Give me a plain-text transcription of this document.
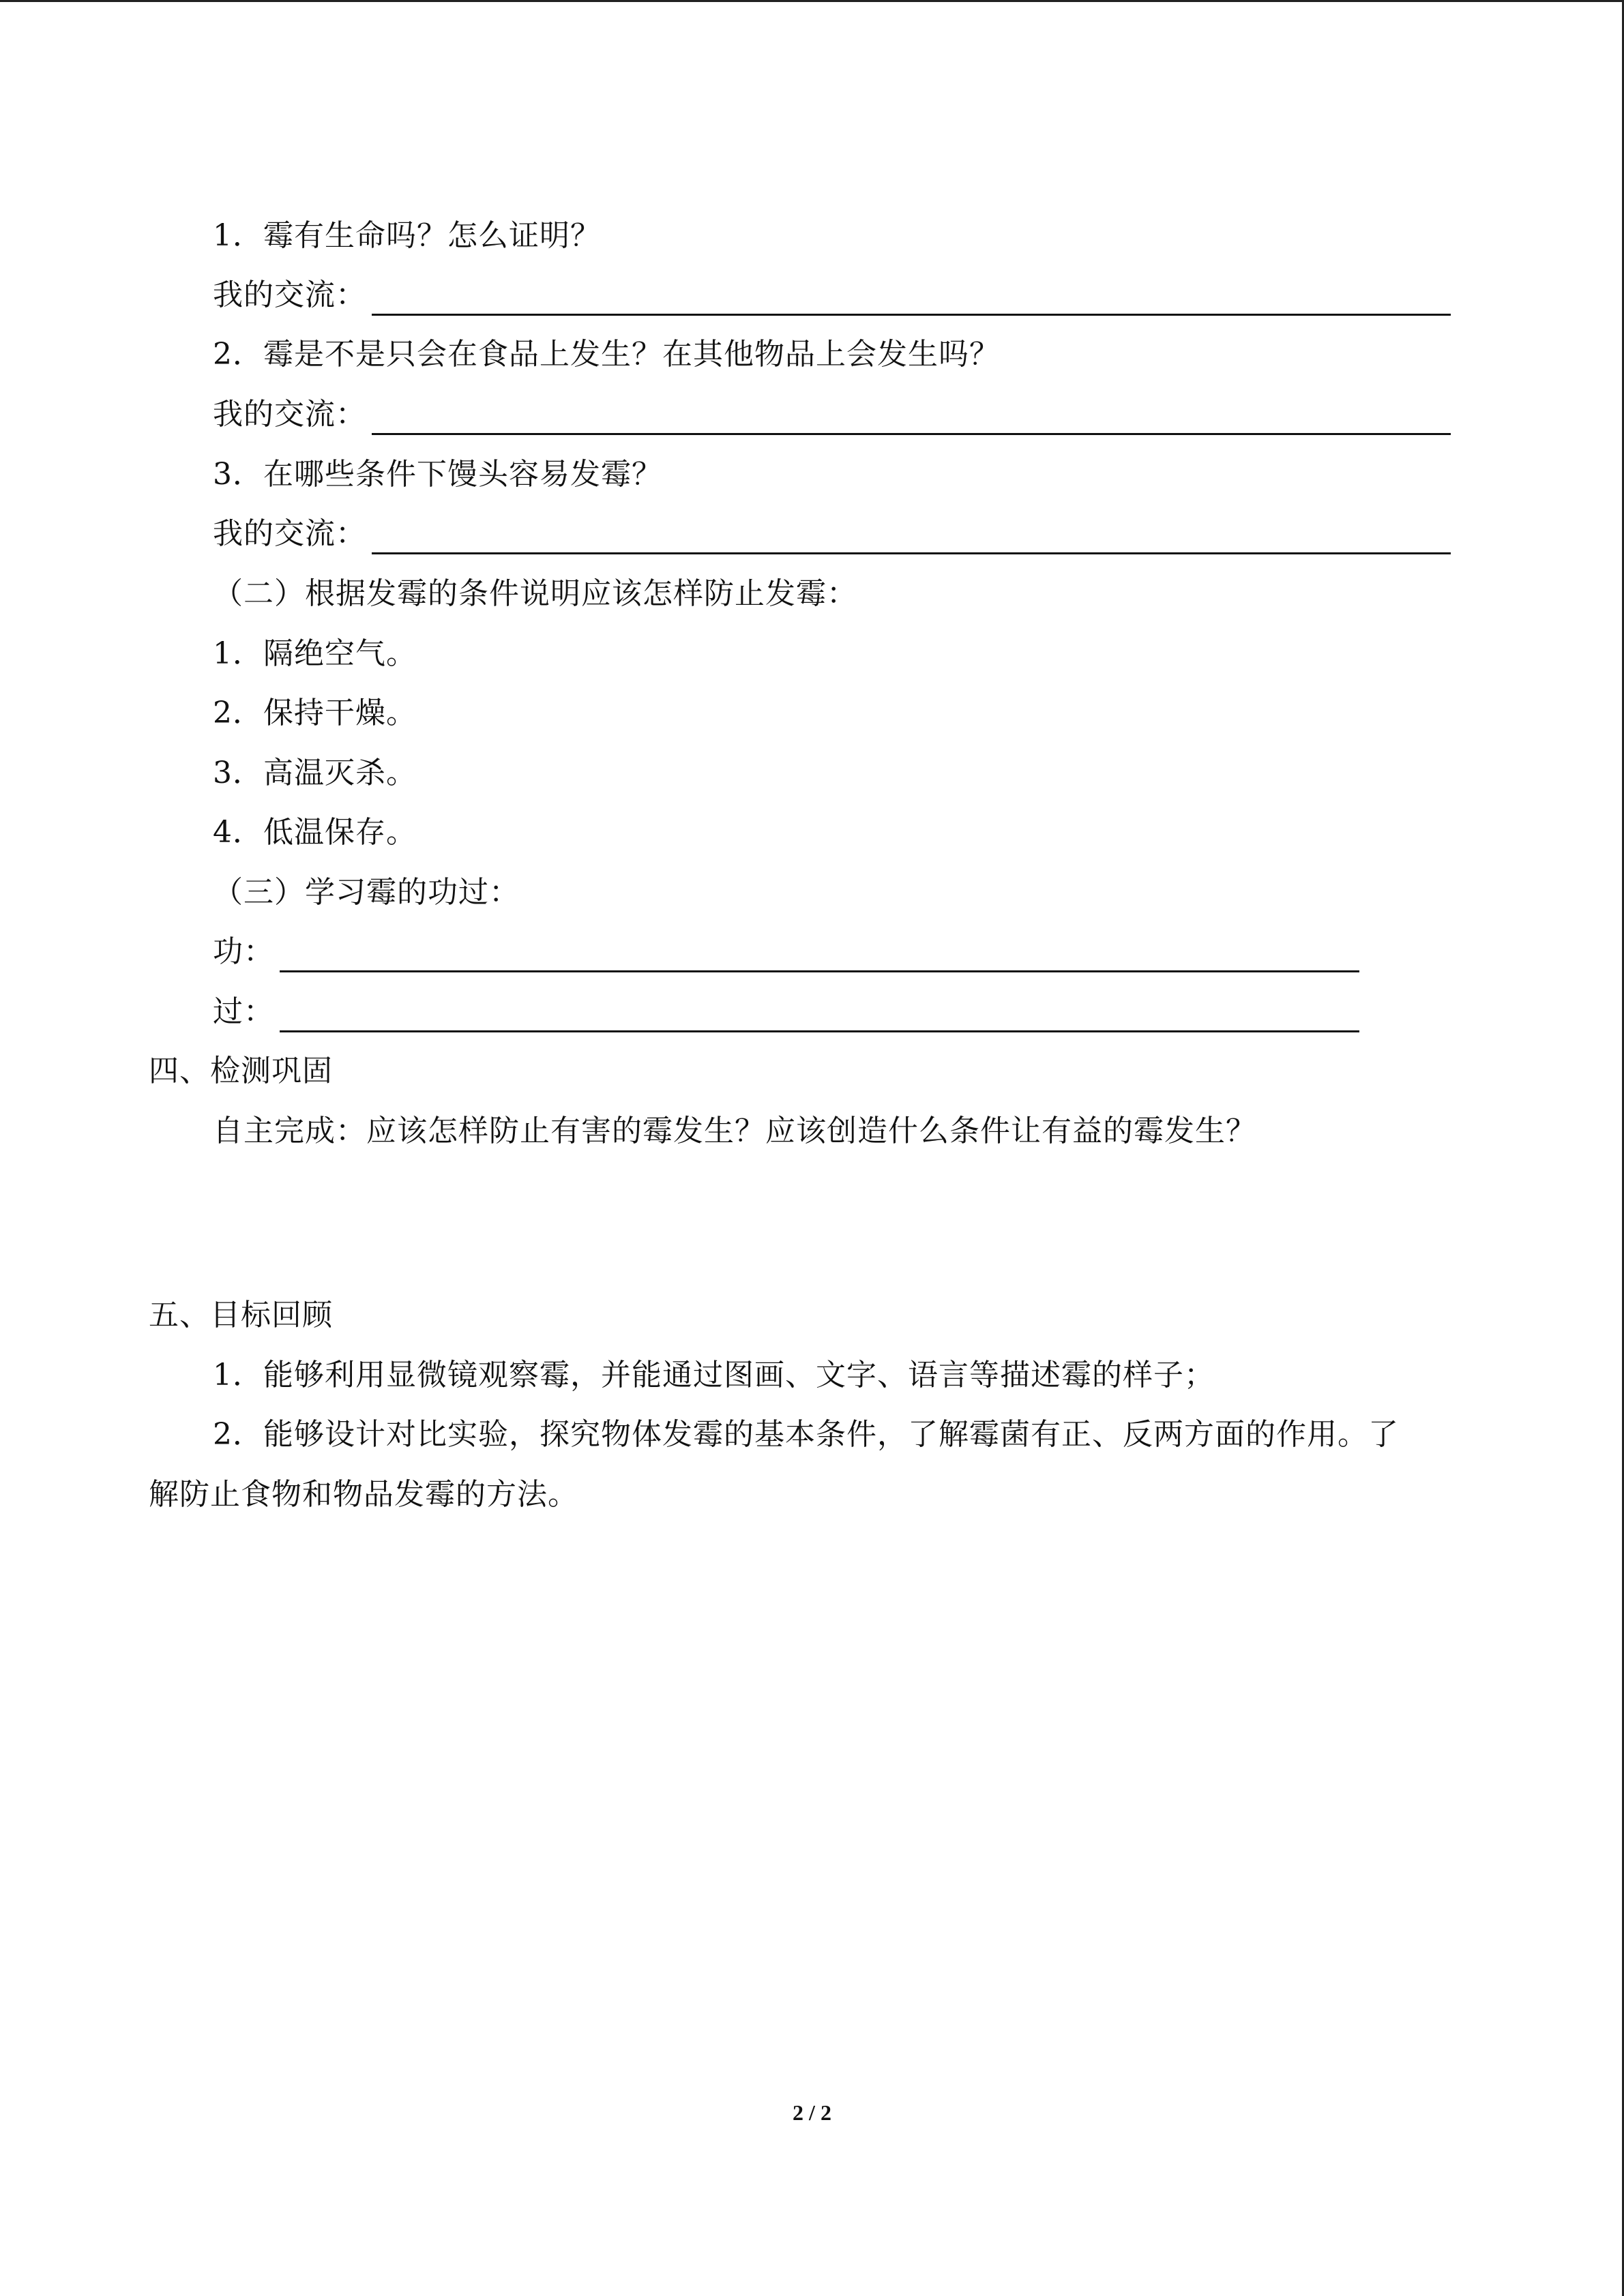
1．霉有生命吗？怎么证明？
我的交流：
2．霉是不是只会在食品上发生？在其他物品上会发生吗？
我的交流：
3．在哪些条件下馒头容易发霉？
我的交流：
（二）根据发霉的条件说明应该怎样防止发霉：
1．隔绝空气。
2．保持干燥。
3．高温灭杀。
4．低温保存。
（三）学习霉的功过：
功：
过：
四、检测巩固
自主完成：应该怎样防止有害的霉发生？应该创造什么条件让有益的霉发生？
五、目标回顾
1．能够利用显微镜观察霉，并能通过图画、文字、语言等描述霉的样子；
2．能够设计对比实验，探究物体发霉的基本条件，了解霉菌有正、反两方面的作用。了
解防止食物和物品发霉的方法。
2 / 2
